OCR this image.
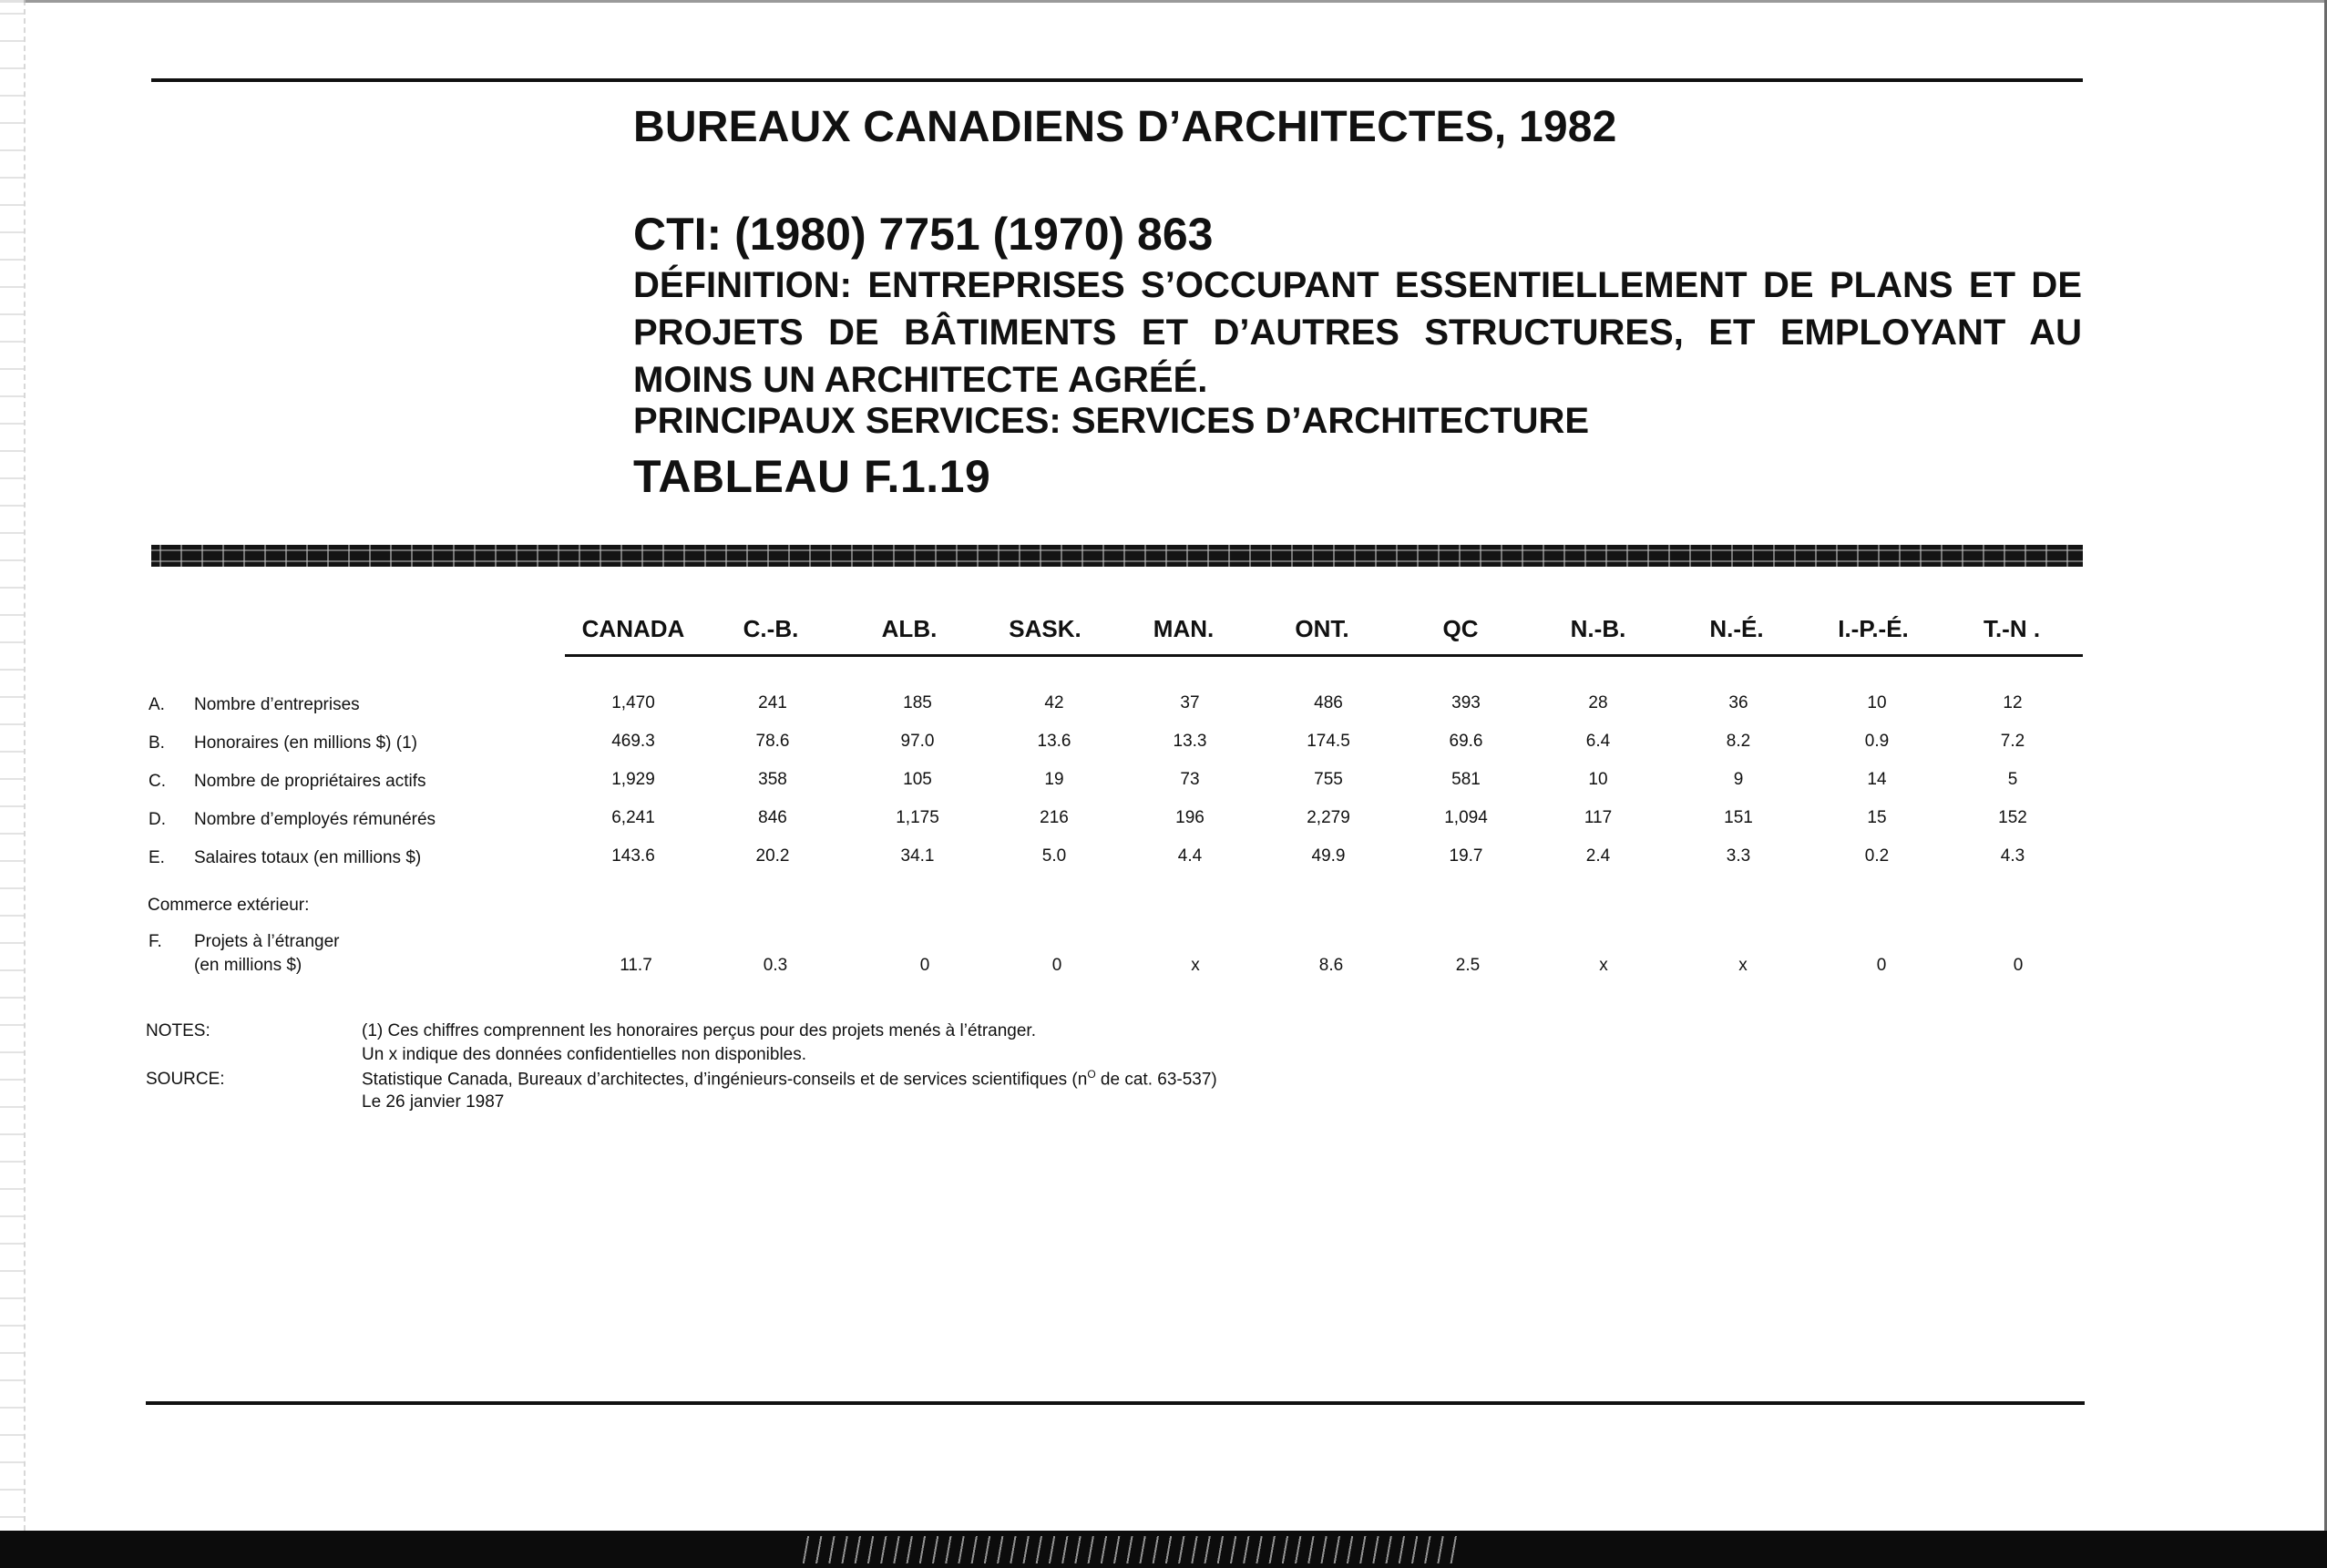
BUREAUX CANADIENS D’ARCHITECTES, 1982
CTI: (1980) 7751 (1970) 863
DÉFINITION: ENTREPRISES S’OCCUPANT ESSENTIELLEMENT DE PLANS ET DE PROJETS DE BÂTIMENTS ET D’AUTRES STRUCTURES, ET EMPLOYANT AU MOINS UN ARCHITECTE AGRÉÉ.
PRINCIPAUX SERVICES: SERVICES D’ARCHITECTURE
TABLEAU F.1.19
CANADA	C.-B.	ALB.	SASK.	MAN.	ONT.	QC	N.-B.	N.-É.	I.-P.-É.	T.-N .
A. Nombre d’entreprises	1,470	241	185	42	37	486	393	28	36	10	12
B. Honoraires (en millions $) (1)	469.3	78.6	97.0	13.6	13.3	174.5	69.6	6.4	8.2	0.9	7.2
C. Nombre de propriétaires actifs	1,929	358	105	19	73	755	581	10	9	14	5
D. Nombre d’employés rémunérés	6,241	846	1,175	216	196	2,279	1,094	117	151	15	152
E. Salaires totaux (en millions $)	143.6	20.2	34.1	5.0	4.4	49.9	19.7	2.4	3.3	0.2	4.3
Commerce extérieur:
F. Projets à l’étranger
(en millions $)	11.7	0.3	0	0	x	8.6	2.5	x	x	0	0
NOTES:	(1) Ces chiffres comprennent les honoraires perçus pour des projets menés à l’étranger.
Un x indique des données confidentielles non disponibles.
SOURCE:	Statistique Canada, Bureaux d’architectes, d’ingénieurs-conseils et de services scientifiques ($n^O$ de cat. 63-537)
Le 26 janvier 1987
